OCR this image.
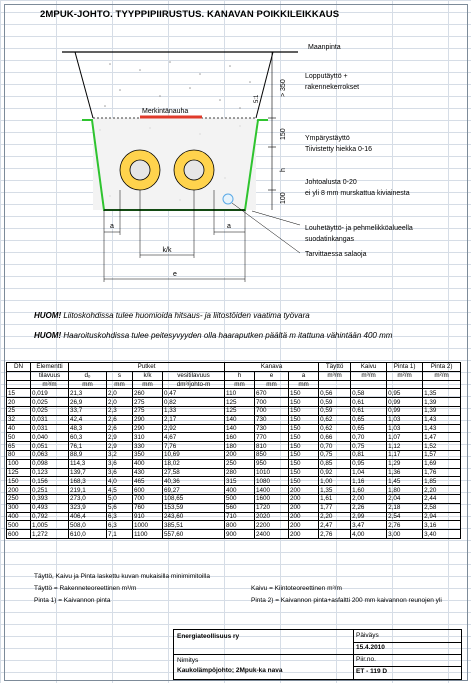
2MPUK-JOHTO. TYYPPIPIIRUSTUS. KANAVAN POIKKILEIKKAUS
Maanpinta
Merkintänauha
> 350
5:1
150
h
100
Lopputäyttö +
rakennekerrokset
Ympärystäyttö
Tiivistetty hiekka 0-16
Johtoalusta 0-20
ei yli 8 mm murskattua kiviainesta
Louhetäyttö- ja pehmelikköalueella
suodatinkangas
Tarvittaessa salaoja
a	a
k/k
e
HUOM! Liitoskohdissa tulee huomioida hitsaus- ja liitostöiden vaatima työvara
HUOM! Haaroituskohdissa tulee peitesyvyyden olla haaraputken päältä m itattuna vähintään 400 mm
DN	Elementti	Putket				Kanava			Täyttö	Kaivu	Pinta 1)	Pinta 2)
	tilavuus	dₒ	s	k/k	vesitilavuus	h	e	a	m³/m	m³/m	m²/m	m²/m
	m³/m	mm	mm	mm	dm³/johto-m	mm	mm	mm				
15	0,019	21,3	2,0	260	0,47	110	670	150	0,56	0,58	0,95	1,35
20	0,025	26,9	2,0	275	0,82	125	700	150	0,59	0,61	0,99	1,39
25	0,025	33,7	2,3	275	1,33	125	700	150	0,59	0,61	0,99	1,39
32	0,031	42,4	2,6	290	2,17	140	730	150	0,62	0,65	1,03	1,43
40	0,031	48,3	2,6	290	2,92	140	730	150	0,62	0,65	1,03	1,43
50	0,040	60,3	2,9	310	4,67	160	770	150	0,66	0,70	1,07	1,47
65	0,051	76,1	2,9	330	7,76	180	810	150	0,70	0,75	1,12	1,52
80	0,063	88,9	3,2	350	10,69	200	850	150	0,75	0,81	1,17	1,57
100	0,098	114,3	3,6	400	18,02	250	950	150	0,85	0,95	1,29	1,69
125	0,123	139,7	3,6	430	27,58	280	1010	150	0,92	1,04	1,36	1,76
150	0,156	168,3	4,0	465	40,36	315	1080	150	1,00	1,16	1,45	1,85
200	0,251	219,1	4,5	600	69,27	400	1400	200	1,35	1,60	1,80	2,20
250	0,393	273,0	5,0	700	108,65	500	1600	200	1,61	2,00	2,04	2,44
300	0,493	323,9	5,6	760	153,59	560	1720	200	1,77	2,26	2,18	2,58
400	0,792	406,4	6,3	910	243,60	710	2020	200	2,20	2,99	2,54	2,94
500	1,005	508,0	6,3	1000	385,51	800	2200	200	2,47	3,47	2,76	3,16
600	1,272	610,0	7,1	1100	557,60	900	2400	200	2,76	4,00	3,00	3,40
Täyttö, Kaivu ja Pinta laskettu kuvan mukaisilla minimimitoilla
Täyttö = Rakenneteoreettinen m³/m	Kaivu = Kiintoteoreettinen m³/m
Pinta 1) = Kaivannon pinta	Pinta 2) = Kaivannon pinta+asfaltti 200 mm kaivannon reunojen yli
Energiateollisuus ry	Päiväys
15.4.2010
Nimitys
Kaukolämpöjohto; 2Mpuk-ka nava
Piir.no.
ET - 119 D
